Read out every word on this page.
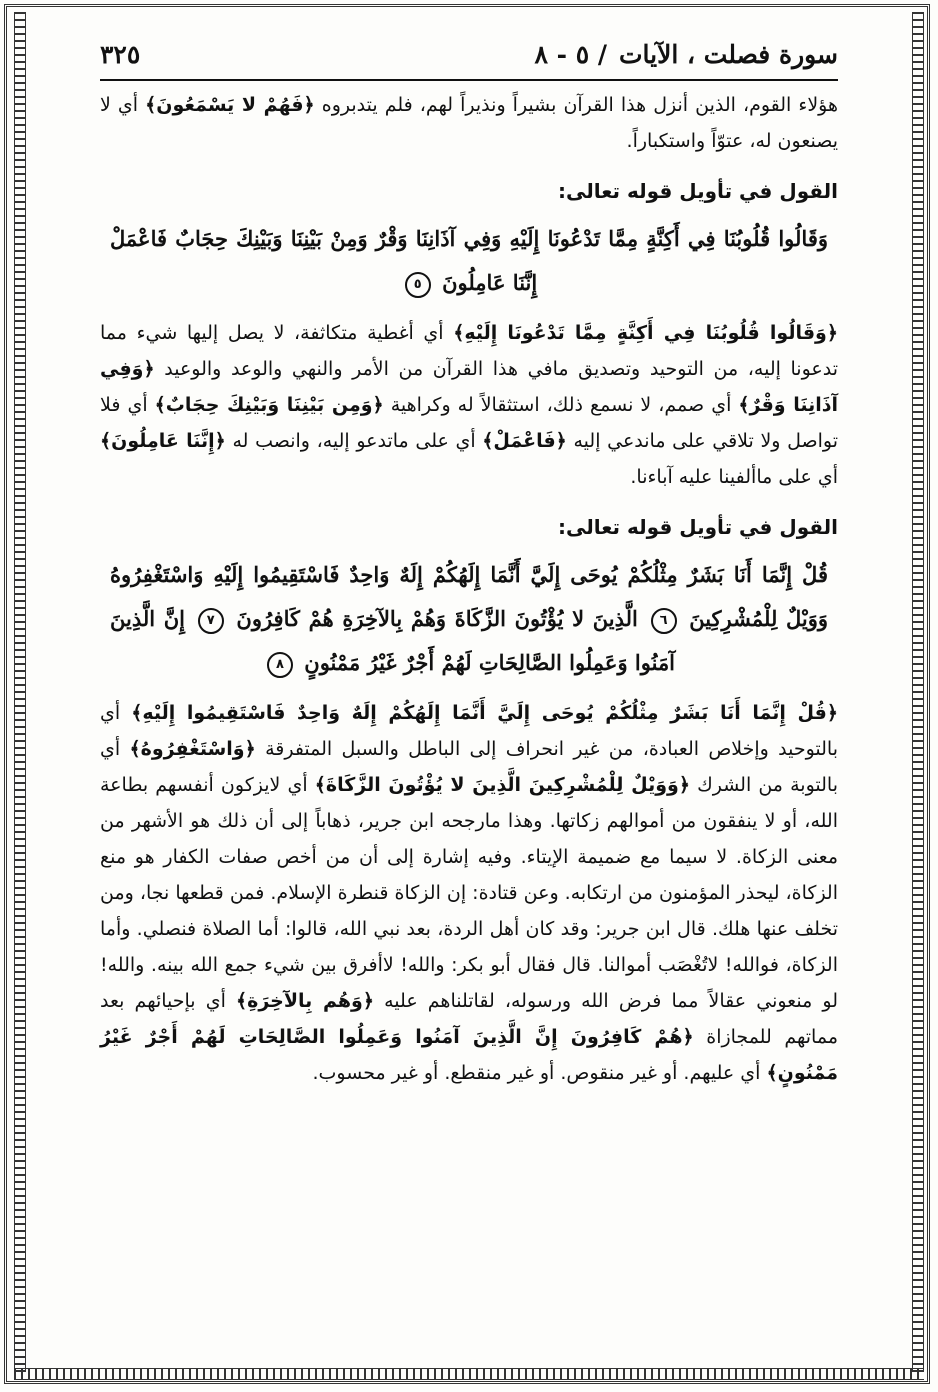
سورة فصلت ، الآيات
/ ٥ - ٨
٣٢٥

هؤلاء القوم، الذين أنزل هذا القرآن بشيراً ونذيراً لهم، فلم يتدبروه ﴿فَهُمْ لا يَسْمَعُونَ﴾ أي لا يصنعون له، عتوّاً واستكباراً.

القول في تأويل قوله تعالى:
وَقَالُوا قُلُوبُنَا فِي أَكِنَّةٍ مِمَّا تَدْعُونَا إِلَيْهِ وَفِي آذَانِنَا وَقْرٌ وَمِنْ بَيْنِنَا وَبَيْنِكَ حِجَابٌ فَاعْمَلْ إِنَّنَا عَامِلُونَ ٥

﴿وَقَالُوا قُلُوبُنَا فِي أَكِنَّةٍ مِمَّا تَدْعُونَا إِلَيْهِ﴾ أي أغطية متكاثفة، لا يصل إليها شيء مما تدعونا إليه، من التوحيد وتصديق مافي هذا القرآن من الأمر والنهي والوعد والوعيد ﴿وَفِي آذَانِنَا وَقْرٌ﴾ أي صمم، لا نسمع ذلك، استثقالاً له وكراهية ﴿وَمِن بَيْنِنَا وَبَيْنِكَ حِجَابٌ﴾ أي فلا تواصل ولا تلاقي على ماندعي إليه ﴿فَاعْمَلْ﴾ أي على ماتدعو إليه، وانصب له ﴿إِنَّنَا عَامِلُونَ﴾ أي على ماألفينا عليه آباءنا.

القول في تأويل قوله تعالى:
قُلْ إِنَّمَا أَنَا بَشَرٌ مِثْلُكُمْ يُوحَى إِلَيَّ أَنَّمَا إِلَهُكُمْ إِلَهٌ وَاحِدٌ فَاسْتَقِيمُوا إِلَيْهِ وَاسْتَغْفِرُوهُ وَوَيْلٌ لِلْمُشْرِكِينَ ٦ الَّذِينَ لا يُؤْتُونَ الزَّكَاةَ وَهُمْ بِالآخِرَةِ هُمْ كَافِرُونَ ٧ إِنَّ الَّذِينَ آمَنُوا وَعَمِلُوا الصَّالِحَاتِ لَهُمْ أَجْرٌ غَيْرُ مَمْنُونٍ ٨

﴿قُلْ إِنَّمَا أَنَا بَشَرٌ مِثْلُكُمْ يُوحَى إِلَيَّ أَنَّمَا إِلَهُكُمْ إِلَهٌ وَاحِدٌ فَاسْتَقِيمُوا إِلَيْهِ﴾ أي بالتوحيد وإخلاص العبادة، من غير انحراف إلى الباطل والسبل المتفرقة ﴿وَاسْتَغْفِرُوهُ﴾ أي بالتوبة من الشرك ﴿وَوَيْلٌ لِلْمُشْرِكِينَ الَّذِينَ لا يُؤْتُونَ الزَّكَاةَ﴾ أي لايزكون أنفسهم بطاعة الله، أو لا ينفقون من أموالهم زكاتها. وهذا مارجحه ابن جرير، ذهاباً إلى أن ذلك هو الأشهر من معنى الزكاة. لا سيما مع ضميمة الإيتاء. وفيه إشارة إلى أن من أخص صفات الكفار هو منع الزكاة، ليحذر المؤمنون من ارتكابه. وعن قتادة: إن الزكاة قنطرة الإسلام. فمن قطعها نجا، ومن تخلف عنها هلك. قال ابن جرير: وقد كان أهل الردة، بعد نبي الله، قالوا: أما الصلاة فنصلي. وأما الزكاة، فوالله! لاتُغْصَب أموالنا. قال فقال أبو بكر: والله! لاأفرق بين شيء جمع الله بينه. والله! لو منعوني عقالاً مما فرض الله ورسوله، لقاتلناهم عليه ﴿وَهُم بِالآخِرَةِ﴾ أي بإحيائهم بعد مماتهم للمجازاة ﴿هُمْ كَافِرُونَ إِنَّ الَّذِينَ آمَنُوا وَعَمِلُوا الصَّالِحَاتِ لَهُمْ أَجْرٌ غَيْرُ مَمْنُونٍ﴾ أي عليهم. أو غير منقوص. أو غير منقطع. أو غير محسوب.
